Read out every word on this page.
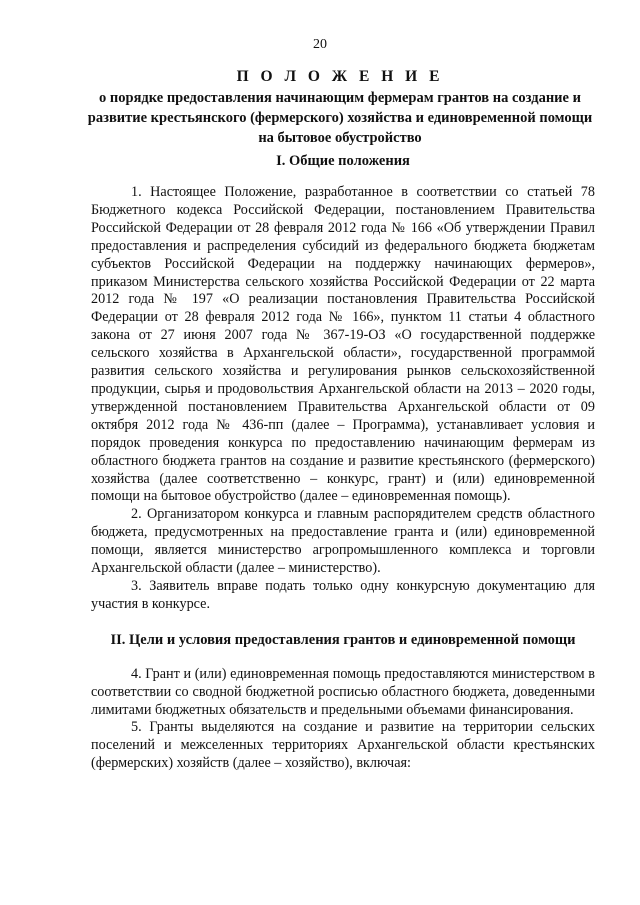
20

П О Л О Ж Е Н И Е

о порядке предоставления начинающим фермерам грантов на создание и развитие крестьянского (фермерского) хозяйства и единовременной помощи на бытовое обустройство

I. Общие положения

1. Настоящее Положение, разработанное в соответствии со статьей 78 Бюджетного кодекса Российской Федерации, постановлением Правительства Российской Федерации от 28 февраля 2012 года № 166 «Об утверждении Правил предоставления и распределения субсидий из федерального бюджета бюджетам субъектов Российской Федерации на поддержку начинающих фермеров», приказом Министерства сельского хозяйства Российской Федерации от 22 марта 2012 года № 197 «О реализации постановления Правительства Российской Федерации от 28 февраля 2012 года № 166», пунктом 11 статьи 4 областного закона от 27 июня 2007 года № 367-19-ОЗ «О государственной поддержке сельского хозяйства в Архангельской области», государственной программой развития сельского хозяйства и регулирования рынков сельскохозяйственной продукции, сырья и продовольствия Архангельской области на 2013 – 2020 годы, утвержденной постановлением Правительства Архангельской области от 09 октября 2012 года № 436-пп (далее – Программа), устанавливает условия и порядок проведения конкурса по предоставлению начинающим фермерам из областного бюджета грантов на создание и развитие крестьянского (фермерского) хозяйства (далее соответственно – конкурс, грант) и (или) единовременной помощи на бытовое обустройство (далее – единовременная помощь).

2. Организатором конкурса и главным распорядителем средств областного бюджета, предусмотренных на предоставление гранта и (или) единовременной помощи, является министерство агропромышленного комплекса и торговли Архангельской области (далее – министерство).

3. Заявитель вправе подать только одну конкурсную документацию для участия в конкурсе.

II. Цели и условия предоставления грантов и единовременной помощи

4. Грант и (или) единовременная помощь предоставляются министерством в соответствии со сводной бюджетной росписью областного бюджета, доведенными лимитами бюджетных обязательств и предельными объемами финансирования.

5. Гранты выделяются на создание и развитие на территории сельских поселений и межселенных территориях Архангельской области крестьянских (фермерских) хозяйств (далее – хозяйство), включая:
